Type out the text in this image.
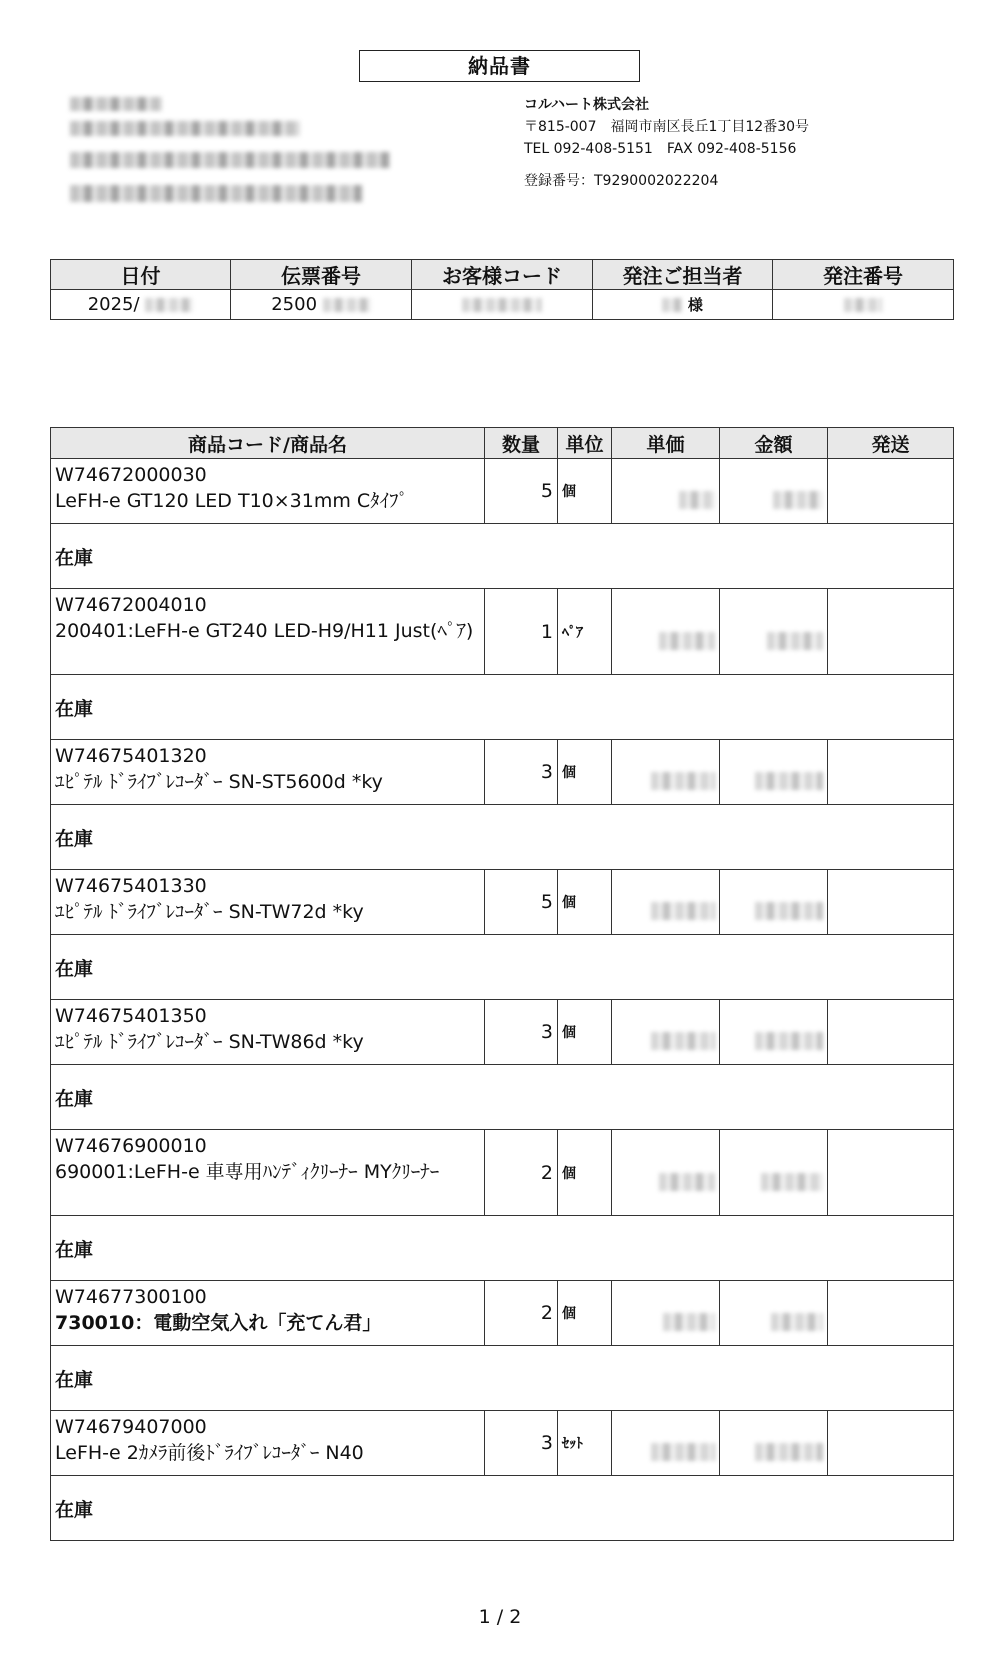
納品書
コルハート株式会社
〒815-007　福岡市南区長丘1丁目12番30号
TEL 092-408-5151　FAX 092-408-5156
登録番号：T9290002022204
日付	伝票番号	お客様コード	発注ご担当者	発注番号
2025/	2500		様	
商品コード/商品名	数量	単位	単価	金額	発送

W74672000030
LeFH-e GT120 LED T10×31mm Cﾀｲﾌﾟ	5	個	

在庫					

W74672004010
200401:LeFH-e GT240 LED-H9/H11 Just(ﾍﾟｱ)	1	ﾍﾟｱ	

在庫					

W74675401320
ﾕﾋﾟﾃﾙ ﾄﾞﾗｲﾌﾞﾚｺｰﾀﾞｰ SN-ST5600d *ky	3	個	

在庫					

W74675401330
ﾕﾋﾟﾃﾙ ﾄﾞﾗｲﾌﾞﾚｺｰﾀﾞｰ SN-TW72d *ky	5	個	

在庫					

W74675401350
ﾕﾋﾟﾃﾙ ﾄﾞﾗｲﾌﾞﾚｺｰﾀﾞｰ SN-TW86d *ky	3	個	

在庫					

W74676900010
690001:LeFH-e 車専用ﾊﾝﾃﾞｨｸﾘｰﾅｰ MYｸﾘｰﾅｰ	2	個	

在庫					

W74677300100
730010：電動空気入れ「充てん君」	2	個	

在庫					

W74679407000
LeFH-e 2ｶﾒﾗ前後ﾄﾞﾗｲﾌﾞﾚｺｰﾀﾞｰ N40	3	ｾｯﾄ	

在庫					
1 / 2
